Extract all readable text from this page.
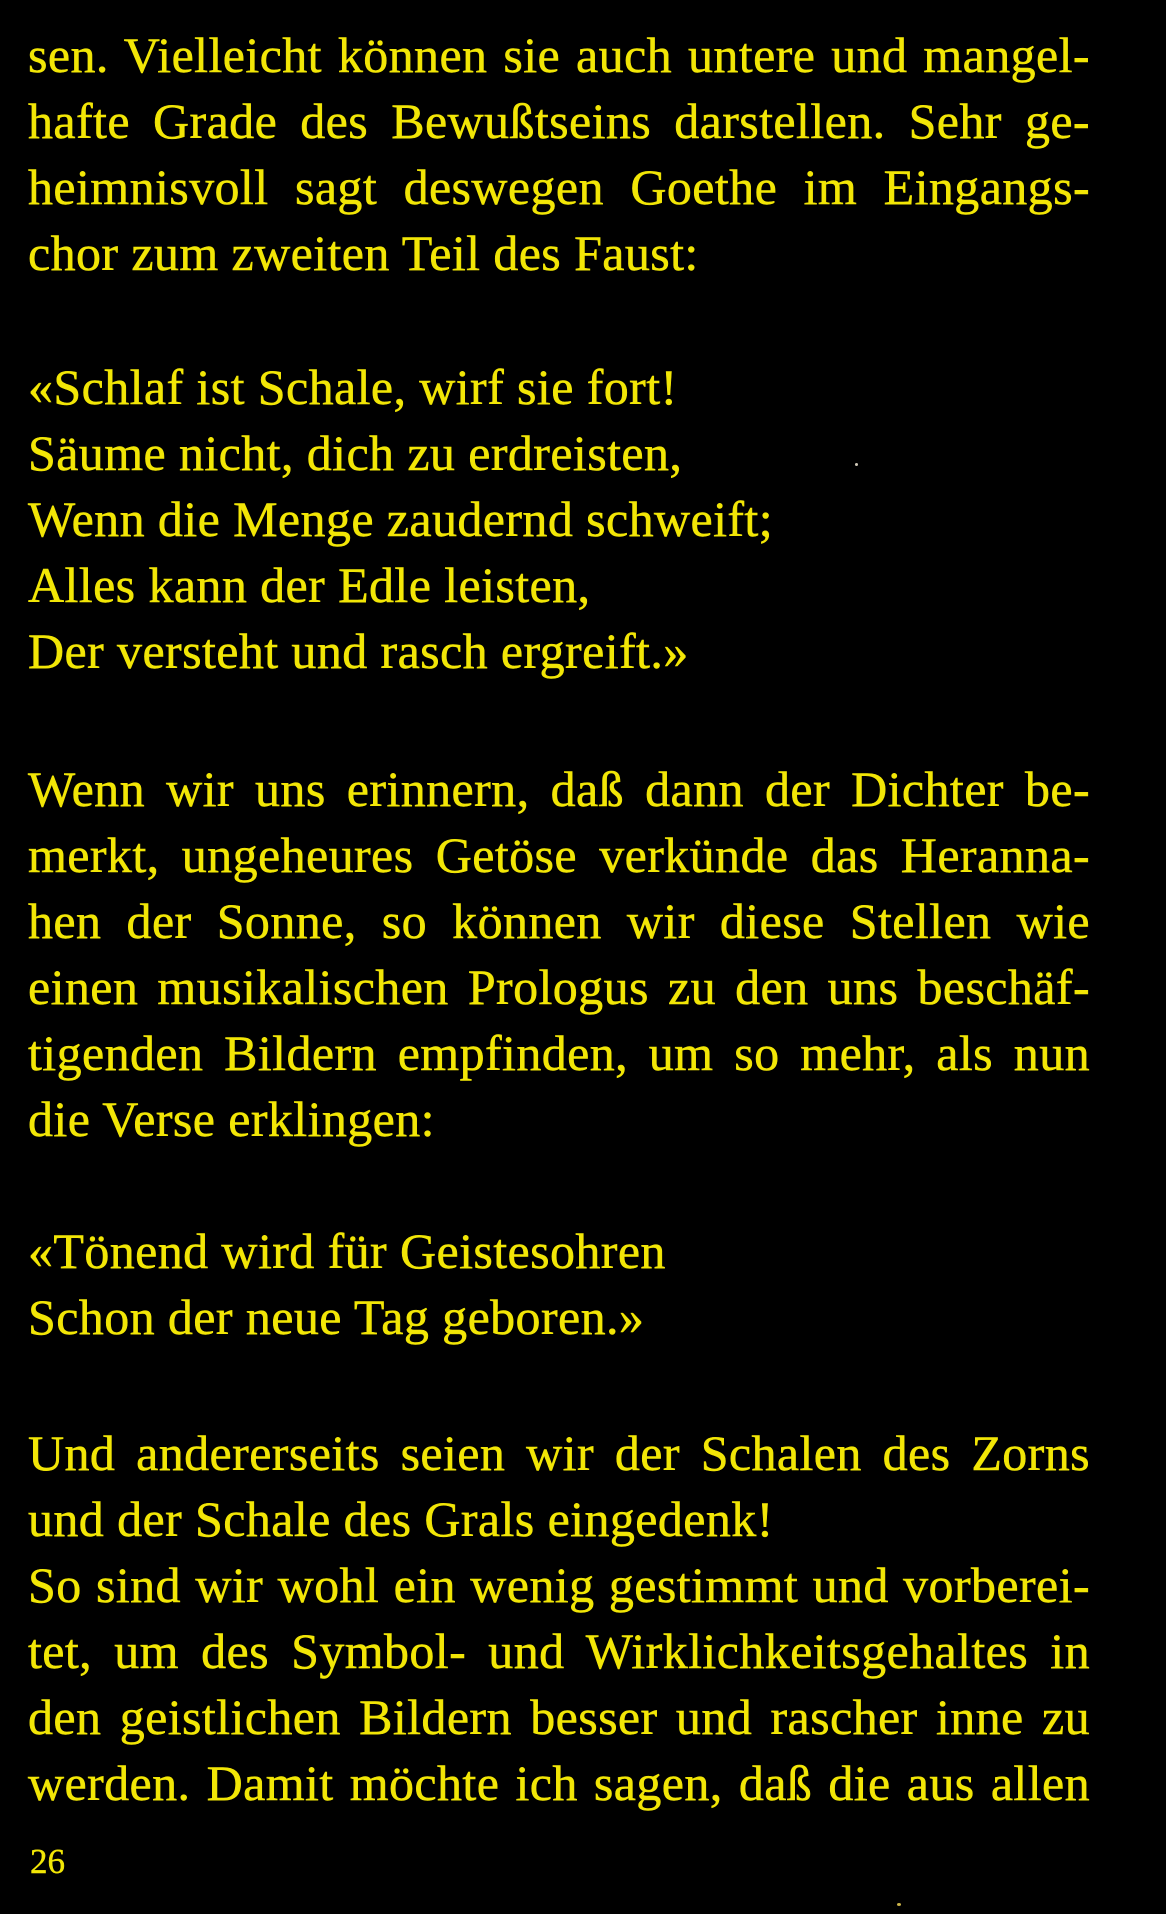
sen. Vielleicht können sie auch untere und mangel-
hafte Grade des Bewußtseins darstellen. Sehr ge-
heimnisvoll sagt deswegen Goethe im Eingangs-
chor zum zweiten Teil des Faust:
«Schlaf ist Schale, wirf sie fort!
Säume nicht, dich zu erdreisten,
Wenn die Menge zaudernd schweift;
Alles kann der Edle leisten,
Der versteht und rasch ergreift.»
Wenn wir uns erinnern, daß dann der Dichter be-
merkt, ungeheures Getöse verkünde das Heranna-
hen der Sonne, so können wir diese Stellen wie
einen musikalischen Prologus zu den uns beschäf-
tigenden Bildern empfinden, um so mehr, als nun
die Verse erklingen:
«Tönend wird für Geistesohren
Schon der neue Tag geboren.»
Und andererseits seien wir der Schalen des Zorns
und der Schale des Grals eingedenk!
So sind wir wohl ein wenig gestimmt und vorberei-
tet, um des Symbol- und Wirklichkeitsgehaltes in
den geistlichen Bildern besser und rascher inne zu
werden. Damit möchte ich sagen, daß die aus allen
26
